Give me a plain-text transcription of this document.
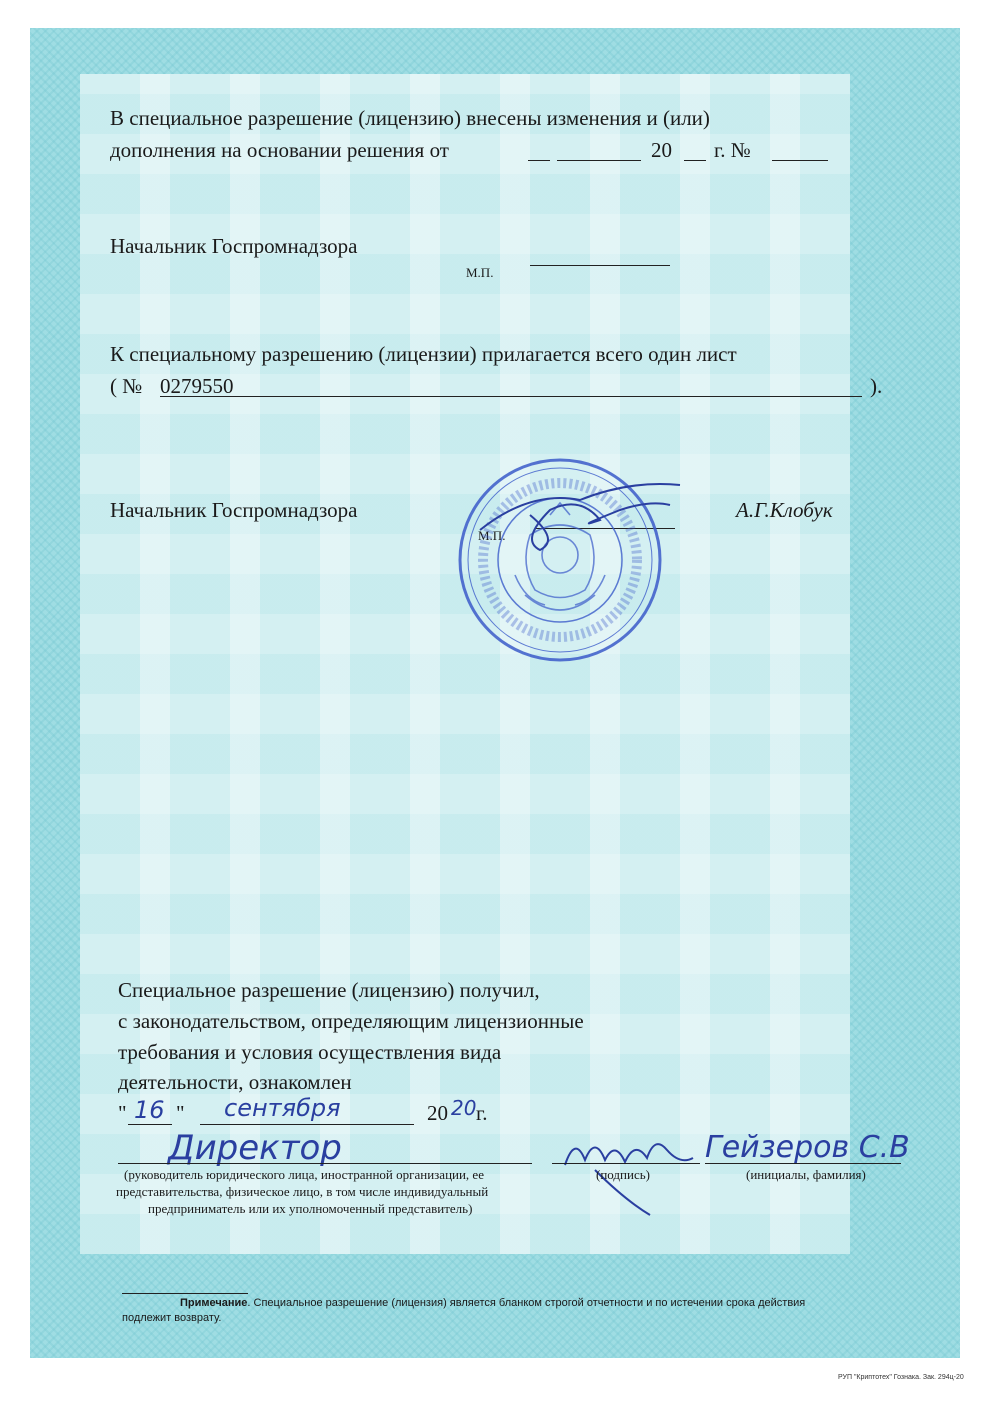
В специальное разрешение (лицензию) внесены изменения и (или)
дополнения на основании решения от	20 г. №
Начальник Госпромнадзора
М.П.
К специальному разрешению (лицензии) прилагается всего один лист
( № 0279550	).
Начальник Госпромнадзора
М.П.
А.Г.Клобук
Специальное разрешение (лицензию) получил,
с законодательством, определяющим лицензионные
требования и условия осуществления вида
деятельности, ознакомлен
" 16 " сентября	20 20 г.
Директор	Гейзеров С.В
(руководитель юридического лица, иностранной организации, ее
представительства, физическое лицо, в том числе индивидуальный
предприниматель или их уполномоченный представитель)
(подпись)	(инициалы, фамилия)
Примечание. Специальное разрешение (лицензия) является бланком строгой отчетности и по истечении срока действия
подлежит возврату.
РУП "Криптотех" Гознака. Зак. 294ц-20
